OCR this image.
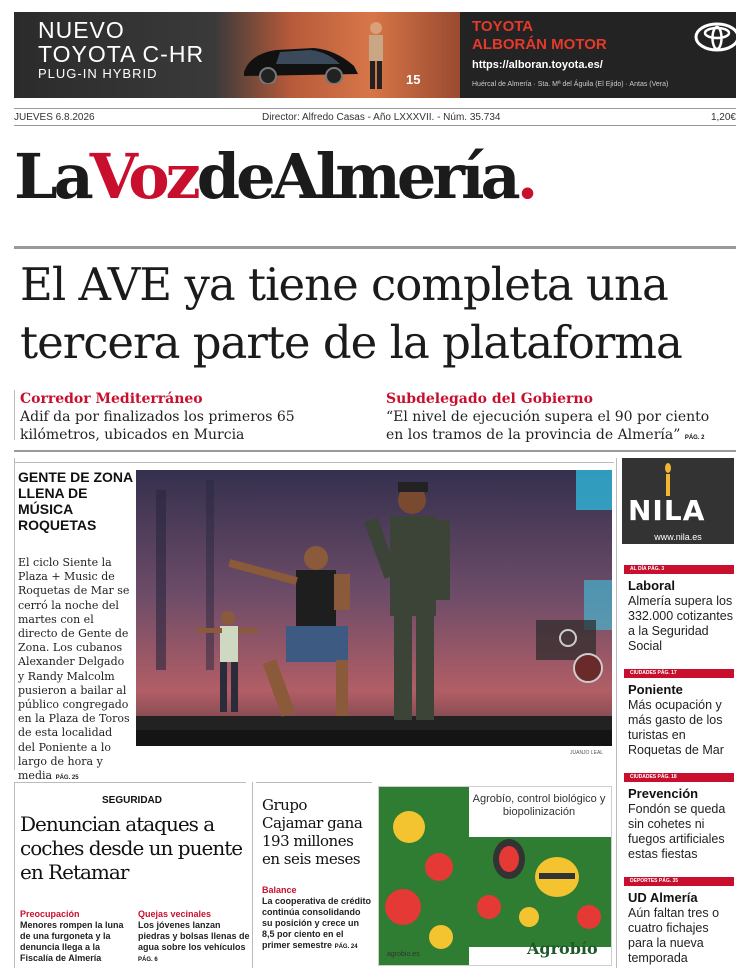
NUEVO
TOYOTA C-HR
PLUG-IN HYBRID	15
TOYOTA
ALBORÁN MOTOR
https://alboran.toyota.es/
Huércal de Almería · Sta. Mª del Águila (El Ejido) · Antas (Vera)
JUEVES 6.8.2026	Director: Alfredo Casas - Año LXXXVII. - Núm. 35.734	1,20€
LaVozdeAlmería.
El AVE ya tiene completa una
tercera parte de la plataforma
Corredor Mediterráneo
Adif da por finalizados los primeros 65 kilómetros, ubicados en Murcia
Subdelegado del Gobierno
“El nivel de ejecución supera el 90 por ciento en los tramos de la provincia de Almería” PÁG. 2
GENTE DE ZONA LLENA DE MÚSICA ROQUETAS
El ciclo Siente la Plaza + Music de Roquetas de Mar se cerró la noche del martes con el directo de Gente de Zona. Los cubanos Alexander Delgado y Randy Malcolm pusieron a bailar al público congregado en la Plaza de Toros de esta localidad del Poniente a lo largo de hora y media PÁG. 25
JUANJO LEAL
NILA
www.nila.es
AL DÍA PÁG. 3
Laboral
Almería supera los 332.000 cotizantes a la Seguridad Social
CIUDADES PÁG. 17
Poniente
Más ocupación y más gasto de los turistas en Roquetas de Mar
CIUDADES PÁG. 18
Prevención
Fondón se queda sin cohetes ni fuegos artificiales estas fiestas
DEPORTES PÁG. 35
UD Almería
Aún faltan tres o cuatro fichajes para la nueva temporada
SEGURIDAD
Denuncian ataques a coches desde un puente en Retamar
Preocupación
Menores rompen la luna de una furgoneta y la denuncia llega a la Fiscalía de Almería
Quejas vecinales
Los jóvenes lanzan piedras y bolsas llenas de agua sobre los vehículos PÁG. 6
Grupo Cajamar gana 193 millones en seis meses
Balance
La cooperativa de crédito continúa consolidando su posición y crece un 8,5 por ciento en el primer semestre PÁG. 24
Agrobío, control biológico y biopolinización
agrobio.es	Agrobío
